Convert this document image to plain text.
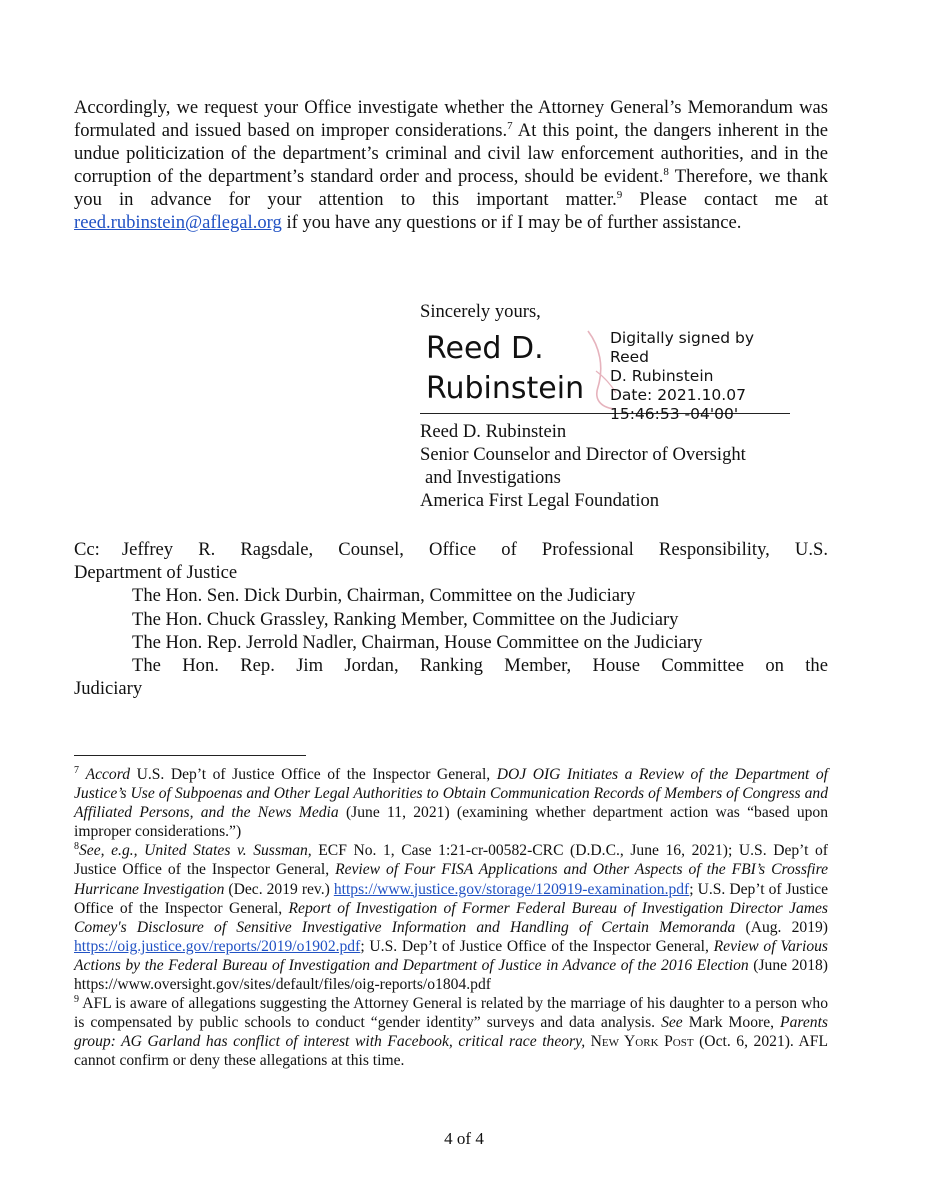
Accordingly, we request your Office investigate whether the Attorney General’s Memorandum was formulated and issued based on improper considerations.$^7$ At this point, the dangers inherent in the undue politicization of the department’s criminal and civil law enforcement authorities, and in the corruption of the department’s standard order and process, should be evident.$^8$ Therefore, we thank you in advance for your attention to this important matter.$^9$ Please contact me at reed.rubinstein@aflegal.org if you have any questions or if I may be of further assistance.

Sincerely yours,
Reed D.
Rubinstein
Digitally signed by Reed
D. Rubinstein
Date: 2021.10.07
15:46:53 -04'00'
Reed D. Rubinstein
Senior Counselor and Director of Oversight
and Investigations
America First Legal Foundation
Cc: Jeffrey R. Ragsdale, Counsel, Office of Professional Responsibility, U.S.
Department of Justice
The Hon. Sen. Dick Durbin, Chairman, Committee on the Judiciary
The Hon. Chuck Grassley, Ranking Member, Committee on the Judiciary
The Hon. Rep. Jerrold Nadler, Chairman, House Committee on the Judiciary
The Hon. Rep. Jim Jordan, Ranking Member, House Committee on the
Judiciary

$^7$ Accord U.S. Dep’t of Justice Office of the Inspector General, DOJ OIG Initiates a Review of the Department of Justice’s Use of Subpoenas and Other Legal Authorities to Obtain Communication Records of Members of Congress and Affiliated Persons, and the News Media (June 11, 2021) (examining whether department action was “based upon improper considerations.”)

$^8$See, e.g., United States v. Sussman, ECF No. 1, Case 1:21-cr-00582-CRC (D.D.C., June 16, 2021); U.S. Dep’t of Justice Office of the Inspector General, Review of Four FISA Applications and Other Aspects of the FBI’s Crossfire Hurricane Investigation (Dec. 2019 rev.) https://www.justice.gov/storage/120919-examination.pdf; U.S. Dep’t of Justice Office of the Inspector General, Report of Investigation of Former Federal Bureau of Investigation Director James Comey's Disclosure of Sensitive Investigative Information and Handling of Certain Memoranda (Aug. 2019) https://oig.justice.gov/reports/2019/o1902.pdf; U.S. Dep’t of Justice Office of the Inspector General, Review of Various Actions by the Federal Bureau of Investigation and Department of Justice in Advance of the 2016 Election (June 2018) https://www.oversight.gov/sites/default/files/oig-reports/o1804.pdf

$^9$ AFL is aware of allegations suggesting the Attorney General is related by the marriage of his daughter to a person who is compensated by public schools to conduct “gender identity” surveys and data analysis. See Mark Moore, Parents group: AG Garland has conflict of interest with Facebook, critical race theory, New York Post (Oct. 6, 2021). AFL cannot confirm or deny these allegations at this time.

4 of 4
